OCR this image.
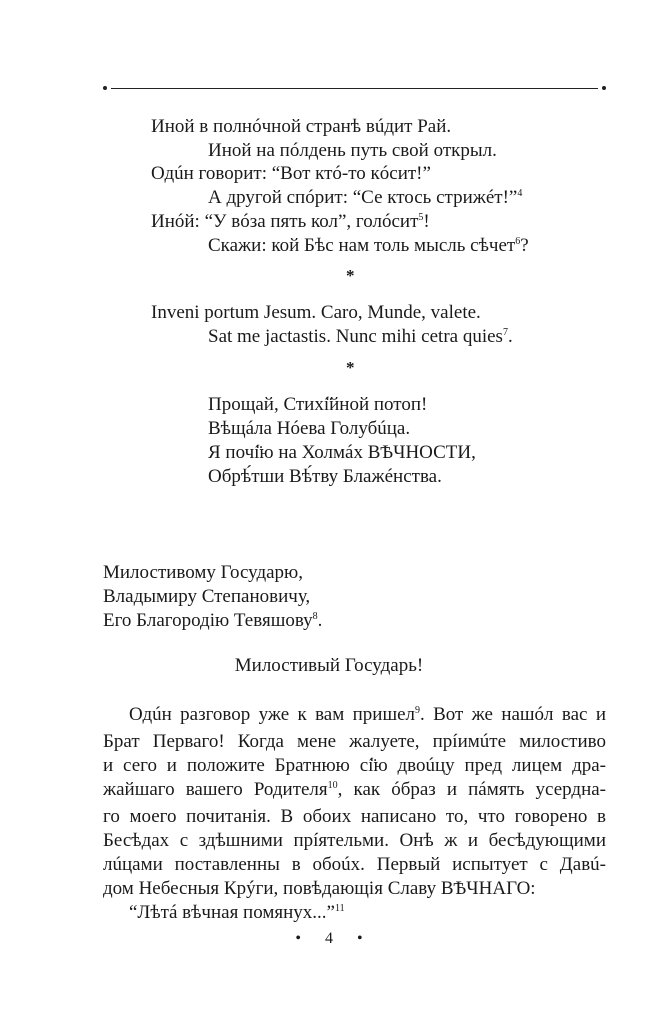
Иной в полнóчной странѣ вúдит Рай.
Иной на пóлдень путь свой открыл.
Одúн говорит: “Вот ктó-то кóсит!”
А другой спóрит: “Се ктось стрижéт!”$^4$
Инóй: “У вóза пять кол”, голóсит$^5$!
Скажи: кой Бѣс нам толь мысль сѣчет$^6$?
*
Inveni portum Jesum. Caro, Munde, valete.
Sat me jactastis. Nunc mihi cetra quies$^7$.
*
Прощай, Стихí̈йной потоп!
Вѣщáла Нóева Голубúца.
Я почí̈ю на Холмáх ВѢЧНОСТИ,
Обрѣ́тши Вѣ́тву Блажéнства.
Милостивому Государю,
Владымиру Степановичу,
Его Благородію Тевяшову$^8$.
Милостивый Государь!
Одúн разговор уже к вам пришел$^9$. Вот же нашóл вас и
Брат Перваго! Когда мене жалуете, прíимúте милостиво
и сего и положите Братнюю сí̈ю двоúцу пред лицем дра-
жайшаго вашего Родителя$^{10}$, как óбраз и пáмять усердна-
го моего почитанія. В обоих написано то, что говорено в
Бесѣдах с здѣшними прíятельми. Онѣ ж и бесѣдующими
лúцами поставленны в обоúх. Первый испытует с Давú-
дом Небесныя Крýги, повѣдающія Славу ВѢЧНАГО:
“Лѣтá вѣчная помянух...”$^{11}$
• 4 •
